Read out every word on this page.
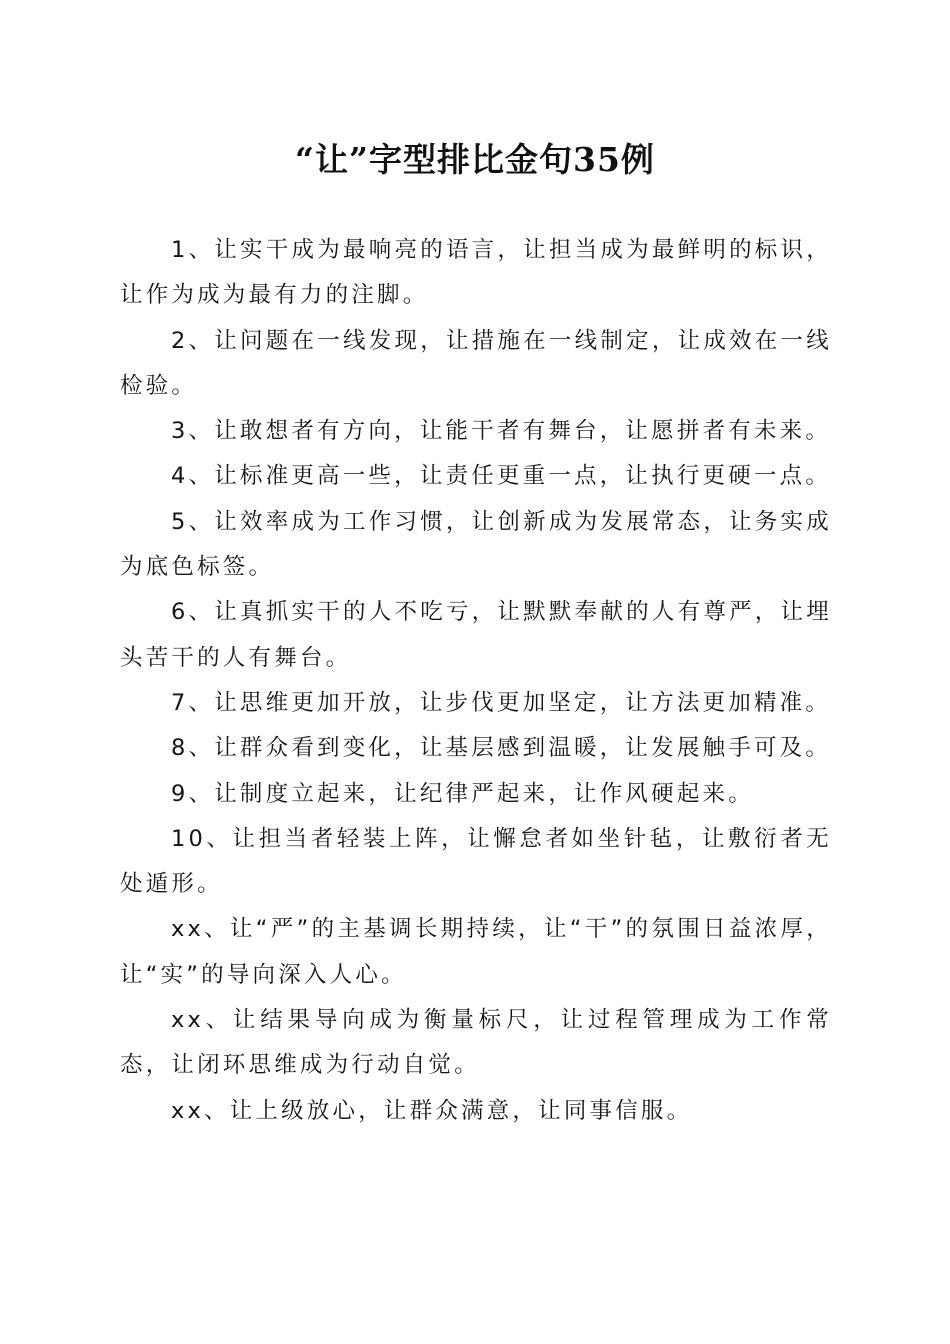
“让”字型排比金句35例

1、让实干成为最响亮的语言，让担当成为最鲜明的标识，让作为成为最有力的注脚。

2、让问题在一线发现，让措施在一线制定，让成效在一线检验。

3、让敢想者有方向，让能干者有舞台，让愿拼者有未来。

4、让标准更高一些，让责任更重一点，让执行更硬一点。

5、让效率成为工作习惯，让创新成为发展常态，让务实成为底色标签。

6、让真抓实干的人不吃亏，让默默奉献的人有尊严，让埋头苦干的人有舞台。

7、让思维更加开放，让步伐更加坚定，让方法更加精准。

8、让群众看到变化，让基层感到温暖，让发展触手可及。

9、让制度立起来，让纪律严起来，让作风硬起来。

10、让担当者轻装上阵，让懈怠者如坐针毡，让敷衍者无处遁形。

xx、让“严”的主基调长期持续，让“干”的氛围日益浓厚，让“实”的导向深入人心。

xx、让结果导向成为衡量标尺，让过程管理成为工作常态，让闭环思维成为行动自觉。

xx、让上级放心，让群众满意，让同事信服。
